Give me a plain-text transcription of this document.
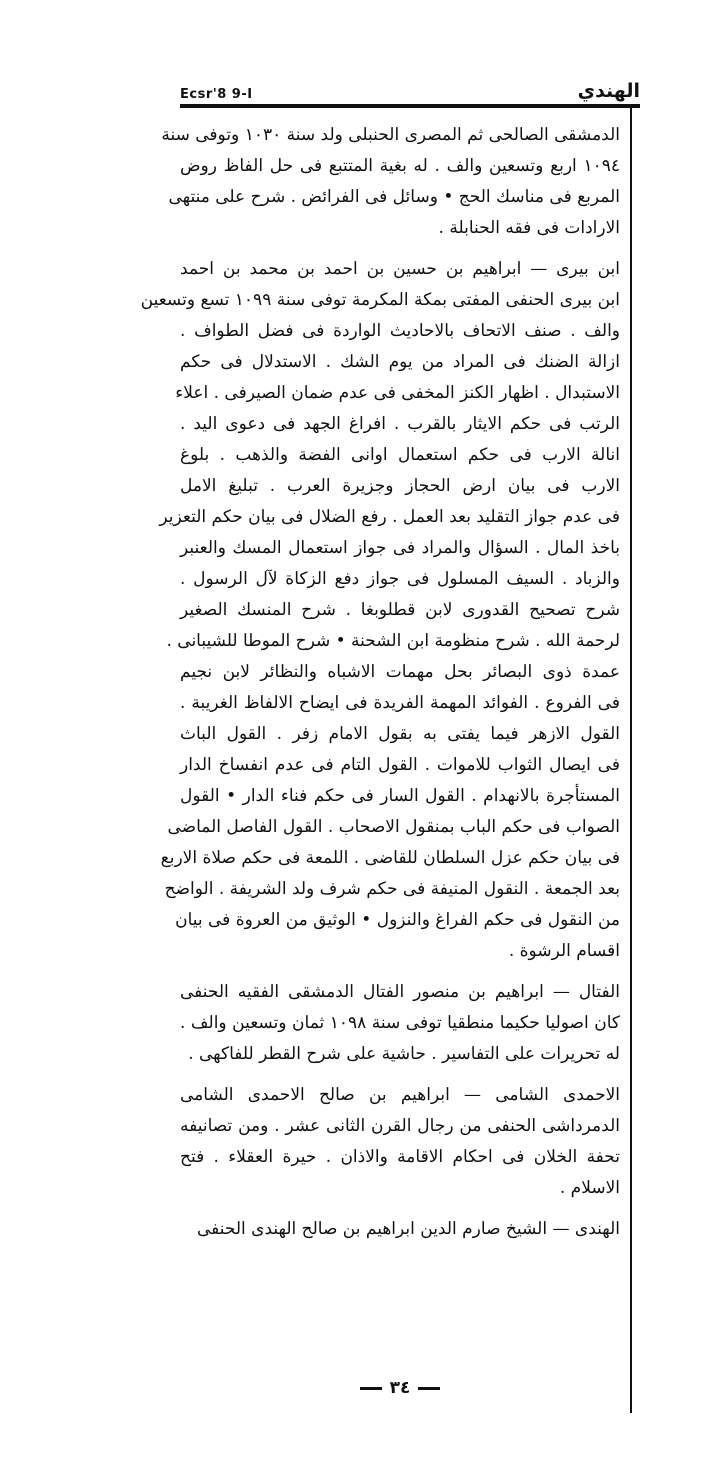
Ecsr'8 9-I	الهندي
الدمشقى الصالحى ثم المصرى الحنبلى ولد سنة ١٠٣٠ وتوفى سنة
١٠٩٤ اربع وتسعين والف . له بغية المتتبع فى حل الفاظ روض
المربع فى مناسك الحج • وسائل فى الفرائض . شرح على منتهى
الارادات فى فقه الحنابلة .
ابن بيرى — ابراهيم بن حسين بن احمد بن محمد بن احمد
ابن بيرى الحنفى المفتى بمكة المكرمة توفى سنة ١٠٩٩ تسع وتسعين
والف . صنف الاتحاف بالاحاديث الواردة فى فضل الطواف .
ازالة الضنك فى المراد من يوم الشك . الاستدلال فى حكم
الاستبدال . اظهار الكنز المخفى فى عدم ضمان الصيرفى . اعلاء
الرتب فى حكم الايثار بالقرب . افراغ الجهد فى دعوى اليد .
انالة الارب فى حكم استعمال اوانى الفضة والذهب . بلوغ
الارب فى بيان ارض الحجاز وجزيرة العرب . تبليغ الامل
فى عدم جواز التقليد بعد العمل . رفع الضلال فى بيان حكم التعزير
باخذ المال . السؤال والمراد فى جواز استعمال المسك والعنبر
والزباد . السيف المسلول فى جواز دفع الزكاة لآل الرسول .
شرح تصحيح القدورى لابن قطلوبغا . شرح المنسك الصغير
لرحمة الله . شرح منظومة ابن الشحنة • شرح الموطا للشيبانى .
عمدة ذوى البصائر بحل مهمات الاشباه والنظائر لابن نجيم
فى الفروع . الفوائد المهمة الفريدة فى ايضاح الالفاظ الغريبة .
القول الازهر فيما يفتى به بقول الامام زفر . القول الباث
فى ايصال الثواب للاموات . القول التام فى عدم انفساخ الدار
المستأجرة بالانهدام . القول السار فى حكم فناء الدار • القول
الصواب فى حكم الباب بمنقول الاصحاب . القول الفاصل الماضى
فى بيان حكم عزل السلطان للقاضى . اللمعة فى حكم صلاة الاربع
بعد الجمعة . النقول المنيفة فى حكم شرف ولد الشريفة . الواضح
من النقول فى حكم الفراغ والنزول • الوثيق من العروة فى بيان
اقسام الرشوة .
الفتال — ابراهيم بن منصور الفتال الدمشقى الفقيه الحنفى
كان اصوليا حكيما منطقيا توفى سنة ١٠٩٨ ثمان وتسعين والف .
له تحريرات على التفاسير . حاشية على شرح القطر للفاكهى .
الاحمدى الشامى — ابراهيم بن صالح الاحمدى الشامى
الدمرداشى الحنفى من رجال القرن الثانى عشر . ومن تصانيفه
تحفة الخلان فى احكام الاقامة والاذان . حيرة العقلاء . فتح
الاسلام .
الهندى — الشيخ صارم الدين ابراهيم بن صالح الهندى الحنفى
٣٤
